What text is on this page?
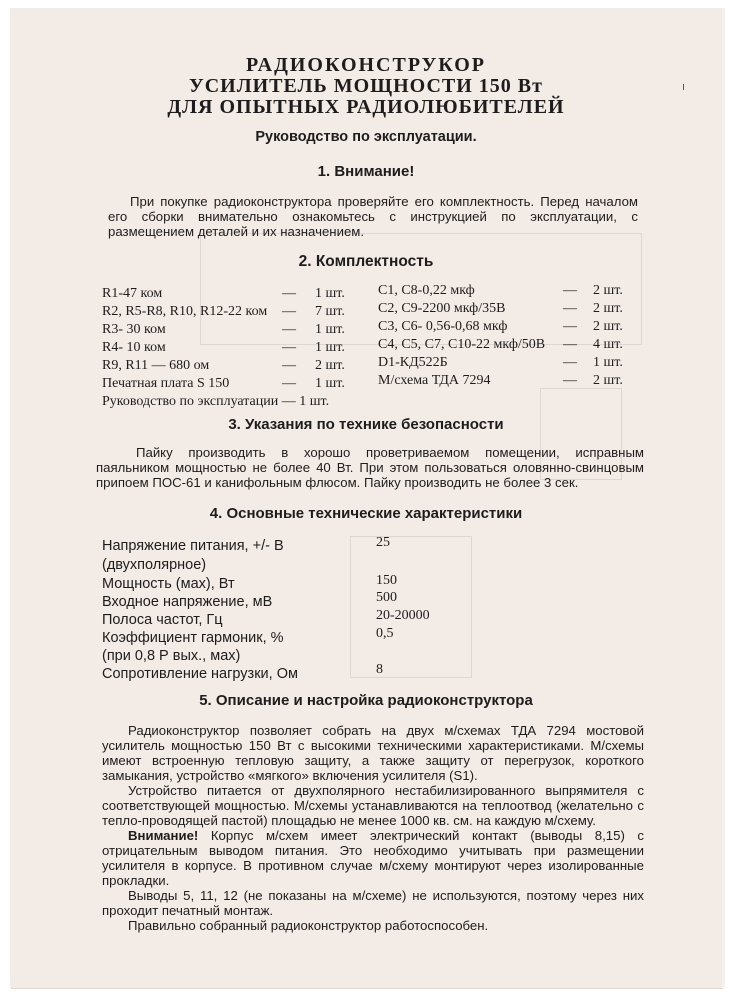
РАДИОКОНСТРУКОР
УСИЛИТЕЛЬ МОЩНОСТИ 150 Вт
ДЛЯ ОПЫТНЫХ РАДИОЛЮБИТЕЛЕЙ
Руководство по эксплуатации.
1. Внимание!
При покупке радиоконструктора проверяйте его комплектность. Перед началом его сборки внимательно ознакомьтесь с инструкцией по эксплуатации, с размещением деталей и их назначением.
2. Комплектность
R1-47 ком	— 1 шт.
R2, R5-R8, R10, R12-22 ком — 7 шт.
R3- 30 ком	— 1 шт.
R4- 10 ком	— 1 шт.
R9, R11 — 680 ом	— 2 шт.
Печатная плата S 150	— 1 шт.
Руководство по эксплуатации — 1 шт.
C1, C8-0,22 мкф	— 2 шт.
C2, C9-2200 мкф/35В	— 2 шт.
C3, C6- 0,56-0,68 мкф	— 2 шт.
C4, C5, C7, C10-22 мкф/50В — 4 шт.
D1-КД522Б	— 1 шт.
М/схема ТДА 7294	— 2 шт.
3. Указания по технике безопасности
Пайку производить в хорошо проветриваемом помещении, исправным паяльником мощностью не более 40 Вт. При этом пользоваться оловянно-свинцовым припоем ПОС-61 и канифольным флюсом. Пайку производить не более 3 сек.
4. Основные технические характеристики
Напряжение питания, +/- В	25
(двухполярное)
Мощность (мах), Вт	150
Входное напряжение, мВ	500
Полоса частот, Гц	20-20000
Коэффициент гармоник, %	0,5
(при 0,8 Р вых., мах)
Сопротивление нагрузки, Ом	8
5. Описание и настройка радиоконструктора
Радиоконструктор позволяет собрать на двух м/схемах ТДА 7294 мостовой усилитель мощностью 150 Вт с высокими техническими характеристиками. М/схемы имеют встроенную тепловую защиту, а также защиту от перегрузок, короткого замыкания, устройство «мягкого» включения усилителя (S1).
Устройство питается от двухполярного нестабилизированного выпрямителя с соответствующей мощностью. М/схемы устанавливаются на теплоотвод (желательно с тепло-проводящей пастой) площадью не менее 1000 кв. см. на каждую м/схему.
Внимание! Корпус м/схем имеет электрический контакт (выводы 8,15) с отрицательным выводом питания. Это необходимо учитывать при размещении усилителя в корпусе. В противном случае м/схему монтируют через изолированные прокладки.
Выводы 5, 11, 12 (не показаны на м/схеме) не используются, поэтому через них проходит печатный монтаж.
Правильно собранный радиоконструктор работоспособен.
